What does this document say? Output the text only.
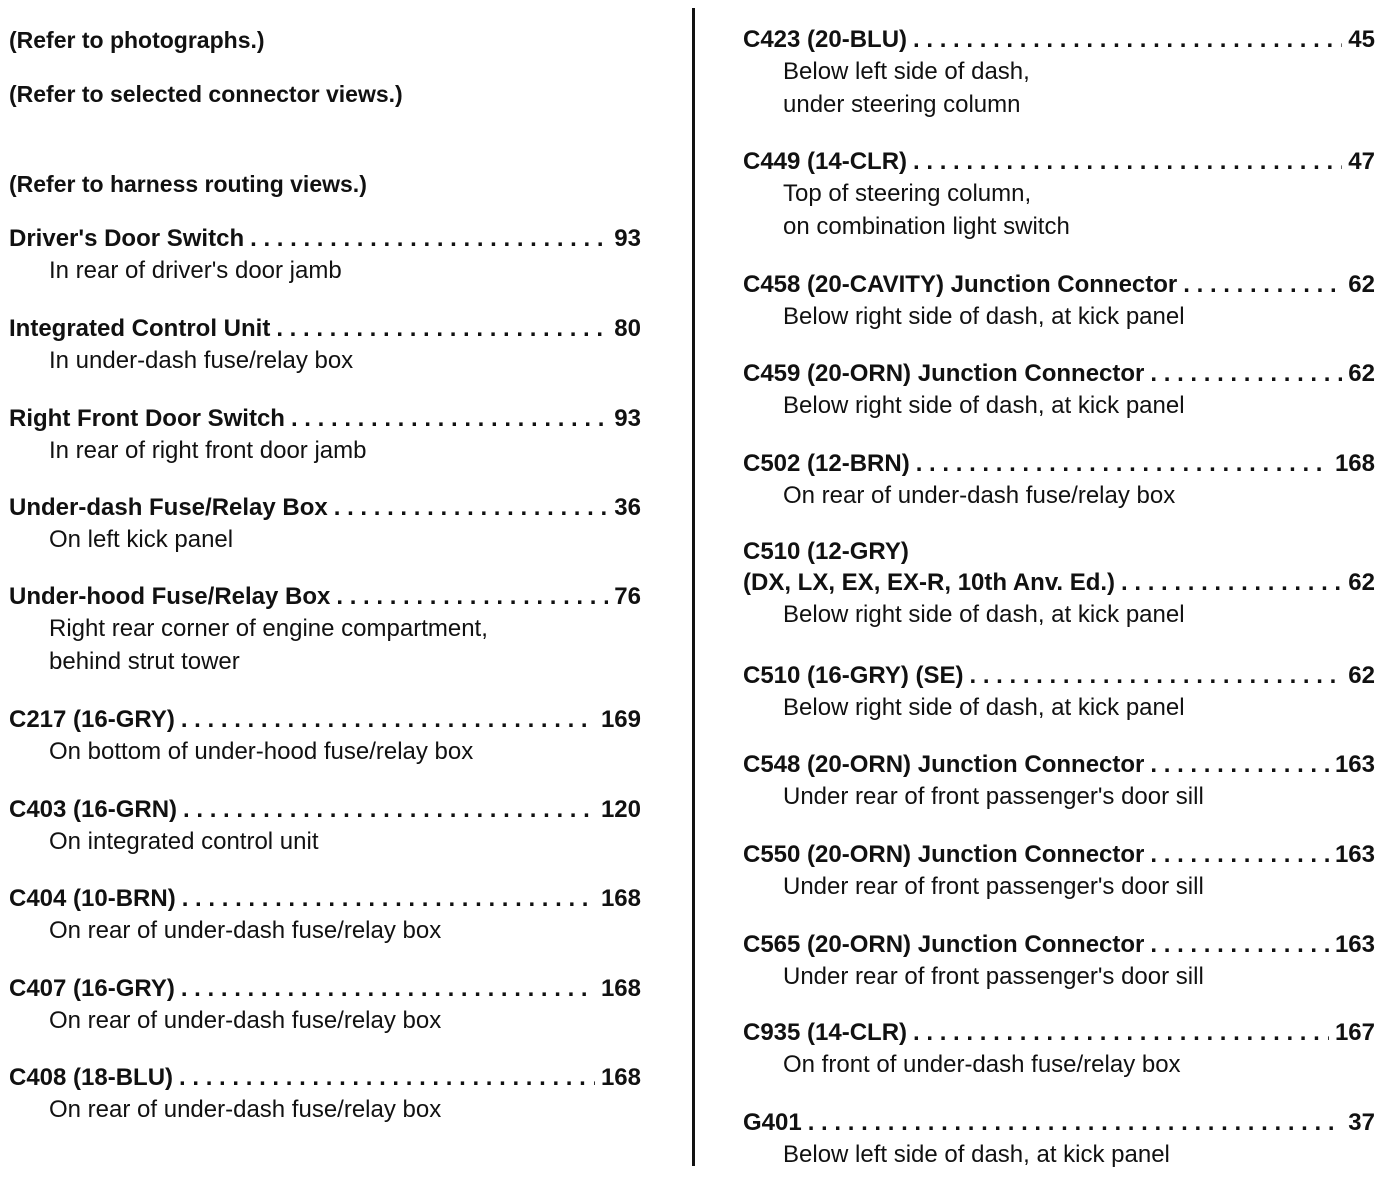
(Refer to photographs.)
(Refer to selected connector views.)
(Refer to harness routing views.)
Driver's Door Switch . . .	93
In rear of driver's door jamb
Integrated Control Unit . . .	80
In under-dash fuse/relay box
Right Front Door Switch . . .	93
In rear of right front door jamb
Under-dash Fuse/Relay Box . . .	36
On left kick panel
Under-hood Fuse/Relay Box . . .	76
Right rear corner of engine compartment,
behind strut tower
C217 (16-GRY) . . .	169
On bottom of under-hood fuse/relay box
C403 (16-GRN) . . .	120
On integrated control unit
C404 (10-BRN) . . .	168
On rear of under-dash fuse/relay box
C407 (16-GRY) . . .	168
On rear of under-dash fuse/relay box
C408 (18-BLU) . . .	168
On rear of under-dash fuse/relay box
C423 (20-BLU) . . .	45
Below left side of dash,
under steering column
C449 (14-CLR) . . .	47
Top of steering column,
on combination light switch
C458 (20-CAVITY) Junction Connector . . .	62
Below right side of dash, at kick panel
C459 (20-ORN) Junction Connector . . .	62
Below right side of dash, at kick panel
C502 (12-BRN) . . .	168
On rear of under-dash fuse/relay box
C510 (12-GRY)
(DX, LX, EX, EX-R, 10th Anv. Ed.) . . .	62
Below right side of dash, at kick panel
C510 (16-GRY) (SE) . . .	62
Below right side of dash, at kick panel
C548 (20-ORN) Junction Connector . . .	163
Under rear of front passenger's door sill
C550 (20-ORN) Junction Connector . . .	163
Under rear of front passenger's door sill
C565 (20-ORN) Junction Connector . . .	163
Under rear of front passenger's door sill
C935 (14-CLR) . . .	167
On front of under-dash fuse/relay box
G401 . . .	37
Below left side of dash, at kick panel
